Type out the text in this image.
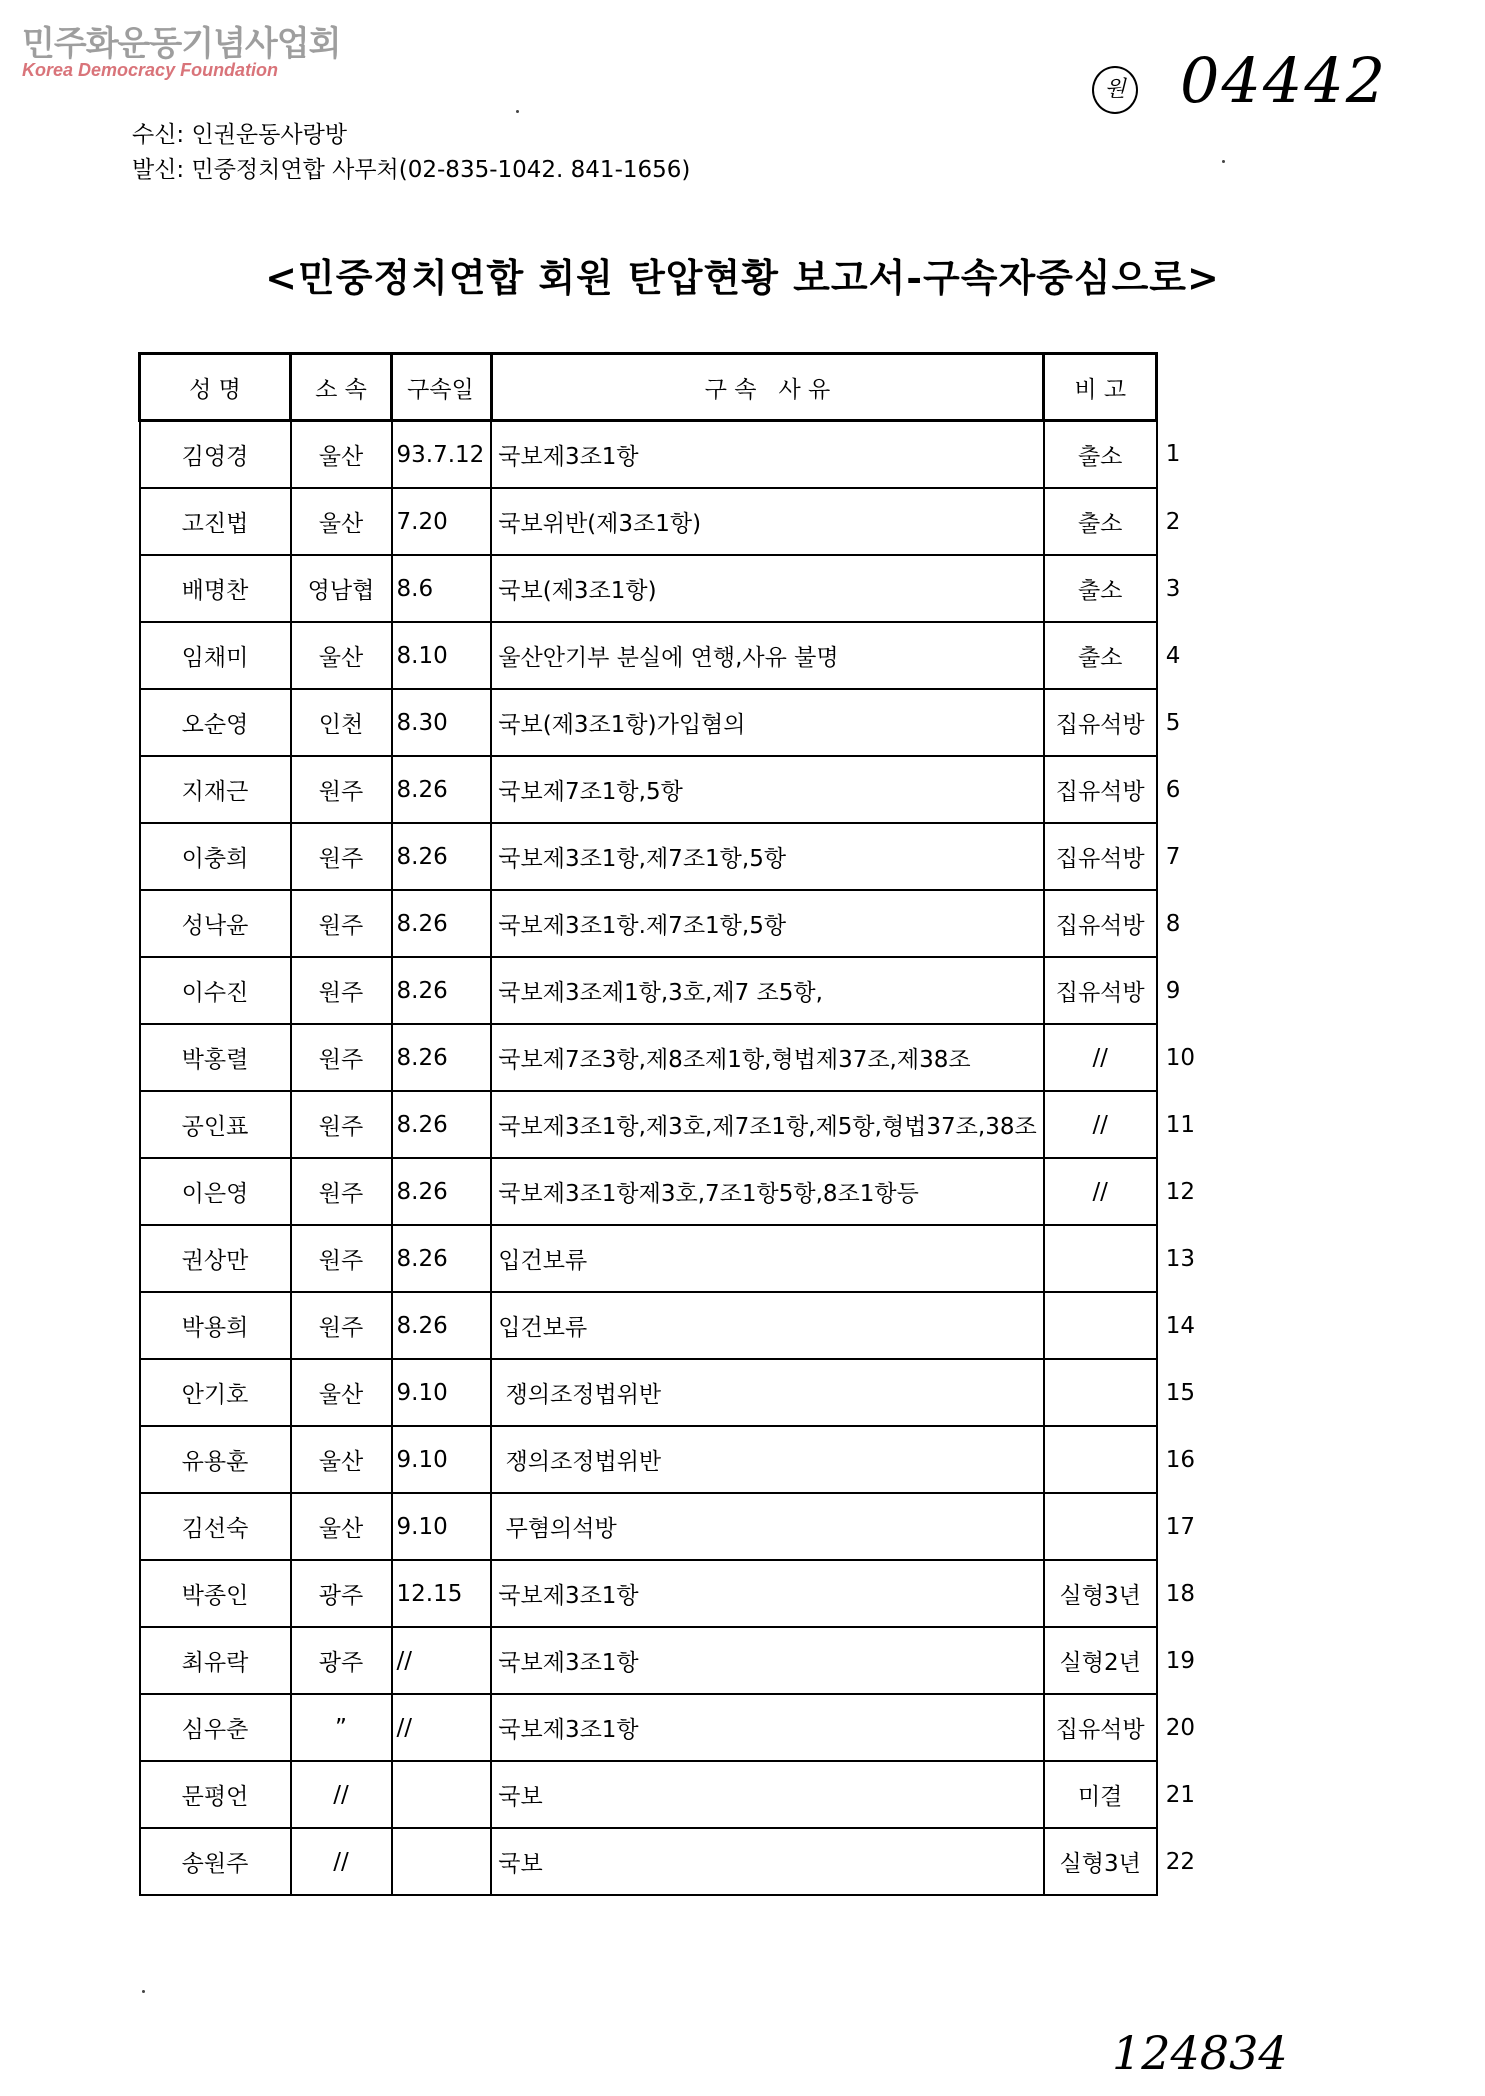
민주화운동기념사업회
Korea Democracy Foundation
원 04442
수신: 인권운동사랑방
발신: 민중정치연합 사무처(02-835-1042. 841-1656)
<민중정치연합 회원 탄압현황 보고서-구속자중심으로>
성 명	소 속	구속일	구 속   사 유	비 고	
김영경	울산	93.7.12	국보제3조1항	출소	1
고진법	울산	7.20	국보위반(제3조1항)	출소	2
배명찬	영남협	8.6	국보(제3조1항)	출소	3
임채미	울산	8.10	울산안기부 분실에 연행,사유 불명	출소	4
오순영	인천	8.30	국보(제3조1항)가입혐의	집유석방	5
지재근	원주	8.26	국보제7조1항,5항	집유석방	6
이충희	원주	8.26	국보제3조1항,제7조1항,5항	집유석방	7
성낙윤	원주	8.26	국보제3조1항.제7조1항,5항	집유석방	8
이수진	원주	8.26	국보제3조제1항,3호,제7 조5항,	집유석방	9
박홍렬	원주	8.26	국보제7조3항,제8조제1항,형법제37조,제38조	//	10
공인표	원주	8.26	국보제3조1항,제3호,제7조1항,제5항,형법37조,38조	//	11
이은영	원주	8.26	국보제3조1항제3호,7조1항5항,8조1항등	//	12
권상만	원주	8.26	입건보류		13
박용희	원주	8.26	입건보류		14
안기호	울산	9.10	쟁의조정법위반		15
유용훈	울산	9.10	쟁의조정법위반		16
김선숙	울산	9.10	무혐의석방		17
박종인	광주	12.15	국보제3조1항	실형3년	18
최유락	광주	//	국보제3조1항	실형2년	19
심우춘	”	//	국보제3조1항	집유석방	20
문평언	//		국보	미결	21
송원주	//		국보	실형3년	22
124834
